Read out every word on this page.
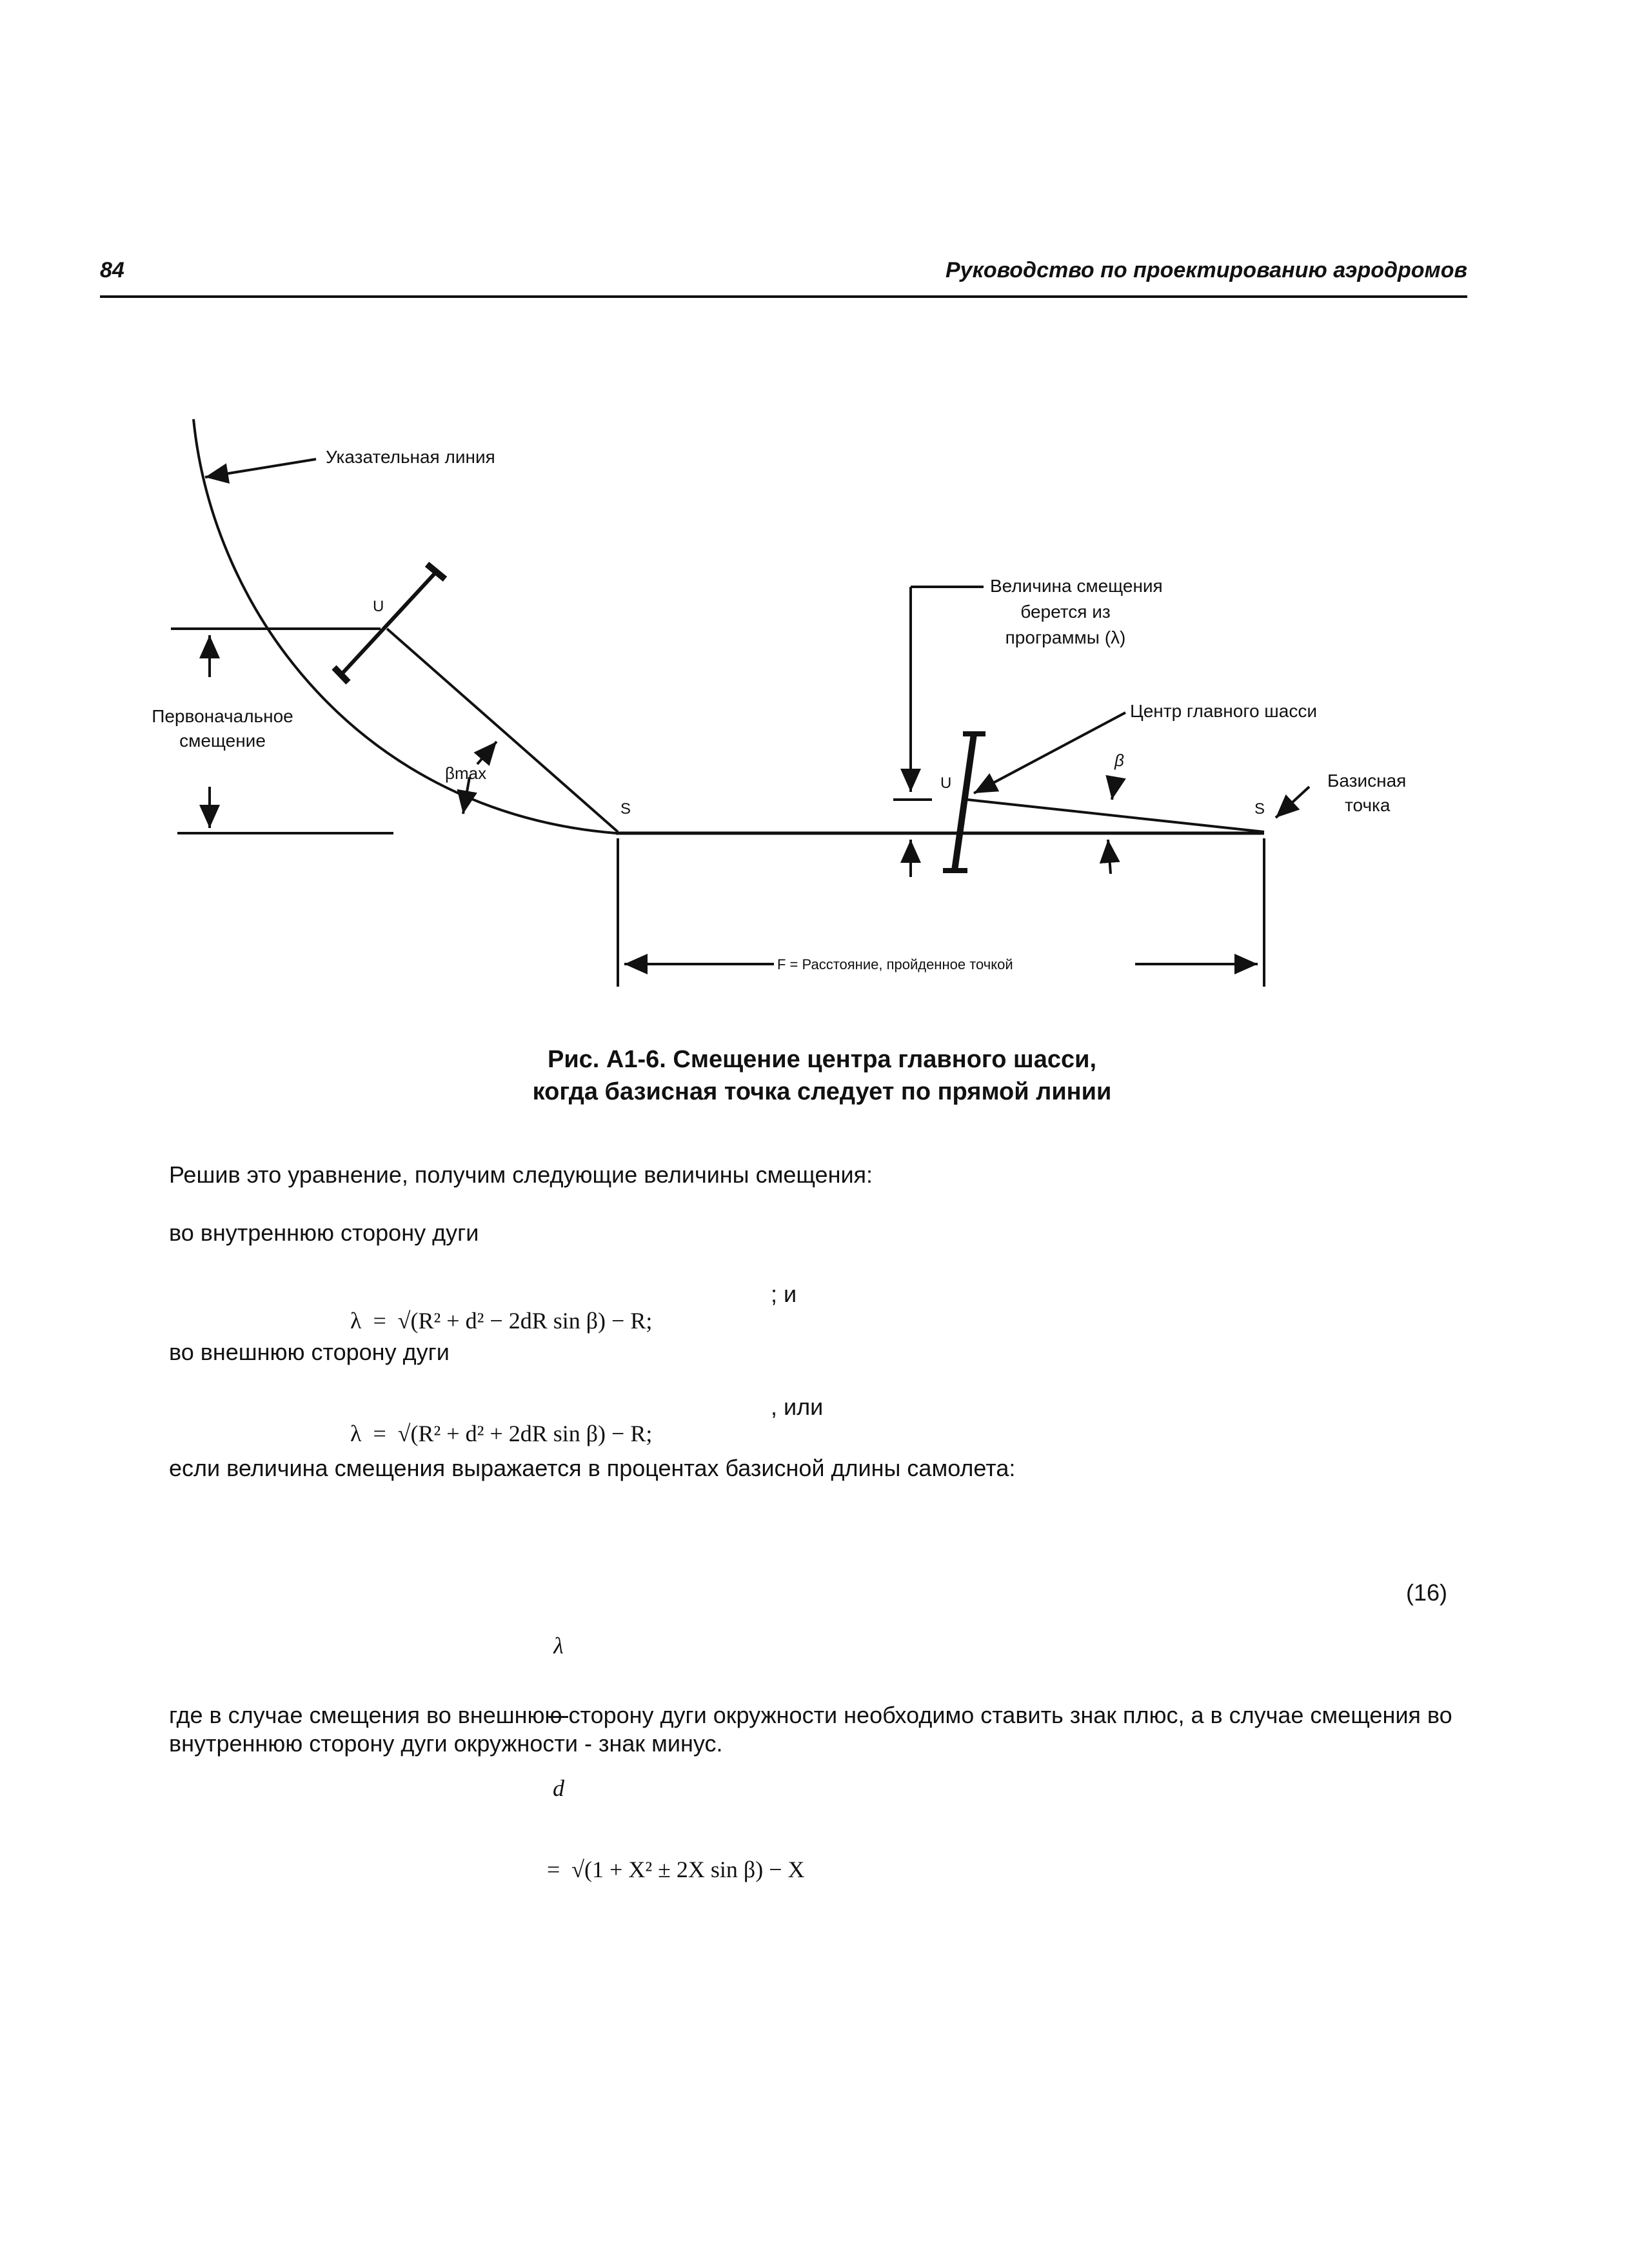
84	Руководство по проектированию аэродромов
Указательная линия
Первоначальное
смещение
U
βmax
S
Величина смещения
берется из
программы (λ)
Центр главного шасси
U
β
S
Базисная
точка
F = Расстояние, пройденное точкой
Рис. А1-6. Смещение центра главного шасси,
когда базисная точка следует по прямой линии
Решив это уравнение, получим следующие величины смещения:
во внутреннюю сторону дуги

λ  =  √(R² + d² − 2dR sin β) − R;

; и
во внешнюю сторону дуги

λ  =  √(R² + d² + 2dR sin β) − R;

, или
если величина смещения выражается в процентах базисной длины самолета:

$\frac{\lambda}{d}$

=  √(1 + X² ± 2X sin β) − X

(16)
где в случае смещения во внешнюю сторону дуги окружности необходимо ставить знак плюс, а в случае смещения во внутреннюю сторону дуги окружности - знак минус.
